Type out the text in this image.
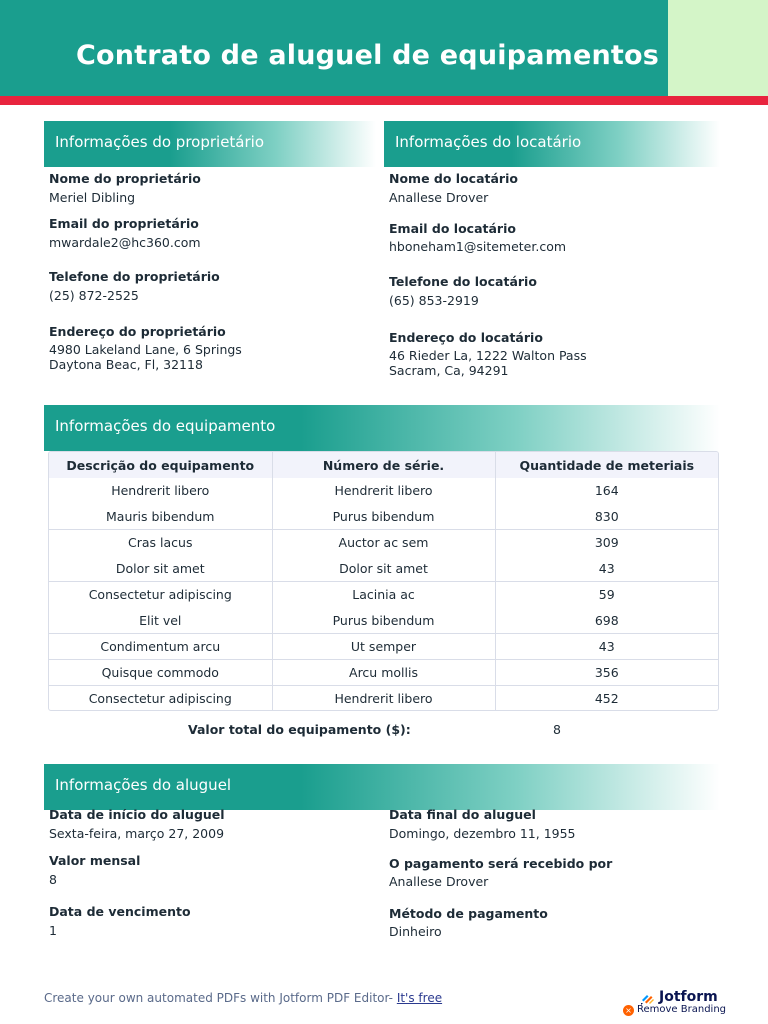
Contrato de aluguel de equipamentos
Informações do proprietário
Nome do proprietário
Meriel Dibling
Email do proprietário
mwardale2@hc360.com
Telefone do proprietário
(25) 872-2525
Endereço do proprietário
4980 Lakeland Lane, 6 Springs
Daytona Beac, Fl, 32118
Informações do locatário
Nome do locatário
Anallese Drover
Email do locatário
hboneham1@sitemeter.com
Telefone do locatário
(65) 853-2919
Endereço do locatário
46 Rieder La, 1222 Walton Pass
Sacram, Ca, 94291
Informações do equipamento
Descrição do equipamento	Número de série.	Quantidade de meteriais
Hendrerit libero	Hendrerit libero	164
Mauris bibendum	Purus bibendum	830
Cras lacus	Auctor ac sem	309
Dolor sit amet	Dolor sit amet	43
Consectetur adipiscing	Lacinia ac	59
Elit vel	Purus bibendum	698
Condimentum arcu	Ut semper	43
Quisque commodo	Arcu mollis	356
Consectetur adipiscing	Hendrerit libero	452
Valor total do equipamento ($):	8
Informações do aluguel
Data de início do aluguel
Sexta-feira, março 27, 2009
Data final do aluguel
Domingo, dezembro 11, 1955
Valor mensal
8
O pagamento será recebido por
Anallese Drover
Data de vencimento
1
Método de pagamento
Dinheiro
Create your own automated PDFs with Jotform PDF Editor- It's free	Jotform
× Remove Branding
